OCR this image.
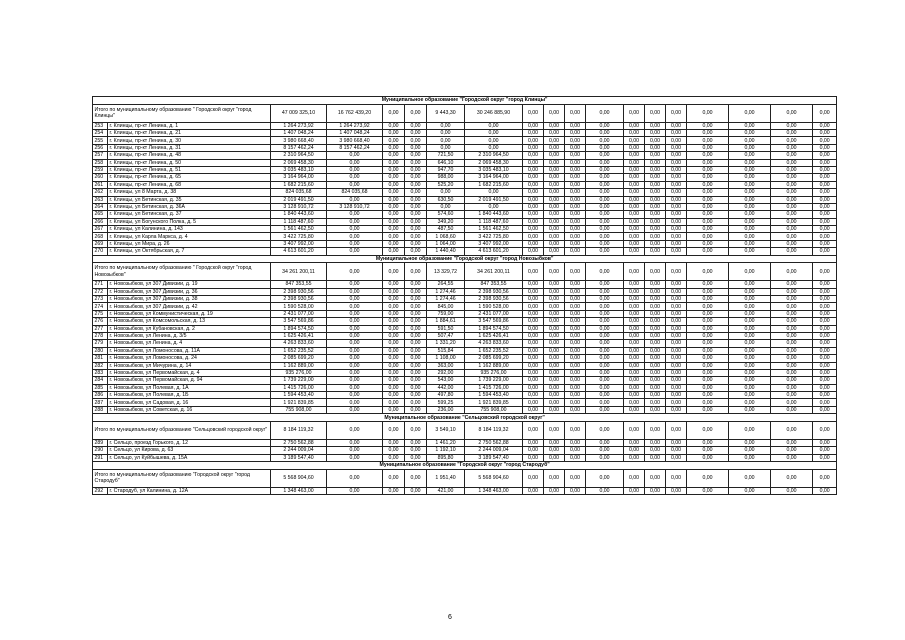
Муниципальное образование "Городской округ "город Клинцы"																		
Итого по муниципальному образованию " Городской округ "город Клинцы"		47 009 325,10	16 762 439,20	0,00	0,00	9 443,30	30 246 885,90	0,00	0,00	0,00	0,00	0,00	0,00	0,00	0,00	0,00	0,00	0,00
253	г. Клинцы, пр-кт Ленина, д. 1	1 264 273,92	1 264 273,92	0,00	0,00	0,00	0,00	0,00	0,00	0,00	0,00	0,00	0,00	0,00	0,00	0,00	0,00	0,00
254	г. Клинцы, пр-кт Ленина, д. 21	1 407 048,24	1 407 048,24	0,00	0,00	0,00	0,00	0,00	0,00	0,00	0,00	0,00	0,00	0,00	0,00	0,00	0,00	0,00
255	г. Клинцы, пр-кт Ленина, д. 30	3 980 668,40	3 980 668,40	0,00	0,00	0,00	0,00	0,00	0,00	0,00	0,00	0,00	0,00	0,00	0,00	0,00	0,00	0,00
256	г. Клинцы, пр-кт Ленина, д. 31	8 157 462,24	8 157 462,24	0,00	0,00	0,00	0,00	0,00	0,00	0,00	0,00	0,00	0,00	0,00	0,00	0,00	0,00	0,00
257	г. Клинцы, пр-кт Ленина, д. 48	2 310 964,50	0,00	0,00	0,00	721,50	2 310 964,50	0,00	0,00	0,00	0,00	0,00	0,00	0,00	0,00	0,00	0,00	0,00
258	г. Клинцы, пр-кт Ленина, д. 50	2 069 458,30	0,00	0,00	0,00	646,10	2 069 458,30	0,00	0,00	0,00	0,00	0,00	0,00	0,00	0,00	0,00	0,00	0,00
259	г. Клинцы, пр-кт Ленина, д. 51	3 035 483,10	0,00	0,00	0,00	947,70	3 035 483,10	0,00	0,00	0,00	0,00	0,00	0,00	0,00	0,00	0,00	0,00	0,00
260	г. Клинцы, пр-кт Ленина, д. 65	3 164 964,00	0,00	0,00	0,00	988,00	3 164 964,00	0,00	0,00	0,00	0,00	0,00	0,00	0,00	0,00	0,00	0,00	0,00
261	г. Клинцы, пр-кт Ленина, д. 68	1 682 215,60	0,00	0,00	0,00	525,20	1 682 215,60	0,00	0,00	0,00	0,00	0,00	0,00	0,00	0,00	0,00	0,00	0,00
262	г. Клинцы, ул 8 Марта, д. 38	824 035,68	824 035,68	0,00	0,00	0,00	0,00	0,00	0,00	0,00	0,00	0,00	0,00	0,00	0,00	0,00	0,00	0,00
263	г. Клинцы, ул Бетинская, д. 35	2 019 491,50	0,00	0,00	0,00	630,50	2 019 491,50	0,00	0,00	0,00	0,00	0,00	0,00	0,00	0,00	0,00	0,00	0,00
264	г. Клинцы, ул Бетинская, д. 36А	3 128 910,72	3 128 910,72	0,00	0,00	0,00	0,00	0,00	0,00	0,00	0,00	0,00	0,00	0,00	0,00	0,00	0,00	0,00
265	г. Клинцы, ул Бетинская, д. 37	1 840 443,60	0,00	0,00	0,00	574,60	1 840 443,60	0,00	0,00	0,00	0,00	0,00	0,00	0,00	0,00	0,00	0,00	0,00
266	г. Клинцы, ул Богунского Полка, д. 5	1 118 487,60	0,00	0,00	0,00	349,20	1 118 487,60	0,00	0,00	0,00	0,00	0,00	0,00	0,00	0,00	0,00	0,00	0,00
267	г. Клинцы, ул Калинина, д. 143	1 561 462,50	0,00	0,00	0,00	487,50	1 561 462,50	0,00	0,00	0,00	0,00	0,00	0,00	0,00	0,00	0,00	0,00	0,00
268	г. Клинцы, ул Карла Маркса, д. 4	3 422 725,80	0,00	0,00	0,00	1 068,60	3 422 725,80	0,00	0,00	0,00	0,00	0,00	0,00	0,00	0,00	0,00	0,00	0,00
269	г. Клинцы, ул Мира, д. 26	3 407 992,00	0,00	0,00	0,00	1 064,00	3 407 992,00	0,00	0,00	0,00	0,00	0,00	0,00	0,00	0,00	0,00	0,00	0,00
270	г. Клинцы, ул Октябрьская, д. 7	4 613 601,20	0,00	0,00	0,00	1 440,40	4 613 601,20	0,00	0,00	0,00	0,00	0,00	0,00	0,00	0,00	0,00	0,00	0,00
Муниципальное образование "Городской округ "город Новозыбков"																		
Итого по муниципальному образованию " Городской округ "город Новозыбков"		34 261 200,11	0,00	0,00	0,00	13 329,72	34 261 200,11	0,00	0,00	0,00	0,00	0,00	0,00	0,00	0,00	0,00	0,00	0,00
271	г. Новозыбков, ул 307 Дивизии, д. 19	847 353,55	0,00	0,00	0,00	264,55	847 353,55	0,00	0,00	0,00	0,00	0,00	0,00	0,00	0,00	0,00	0,00	0,00
272	г. Новозыбков, ул 307 Дивизии, д. 36	2 398 930,56	0,00	0,00	0,00	1 274,46	2 398 930,56	0,00	0,00	0,00	0,00	0,00	0,00	0,00	0,00	0,00	0,00	0,00
273	г. Новозыбков, ул 307 Дивизии, д. 38	2 398 930,56	0,00	0,00	0,00	1 274,46	2 398 930,56	0,00	0,00	0,00	0,00	0,00	0,00	0,00	0,00	0,00	0,00	0,00
274	г. Новозыбков, ул 307 Дивизии, д. 42	1 590 528,00	0,00	0,00	0,00	845,00	1 590 528,00	0,00	0,00	0,00	0,00	0,00	0,00	0,00	0,00	0,00	0,00	0,00
275	г. Новозыбков, ул Коммунистическая, д. 19	2 431 077,00	0,00	0,00	0,00	759,00	2 431 077,00	0,00	0,00	0,00	0,00	0,00	0,00	0,00	0,00	0,00	0,00	0,00
276	г. Новозыбков, ул Комсомольская, д. 13	3 547 569,86	0,00	0,00	0,00	1 884,61	3 547 569,86	0,00	0,00	0,00	0,00	0,00	0,00	0,00	0,00	0,00	0,00	0,00
277	г. Новозыбков, ул Кубановская, д. 2	1 894 574,50	0,00	0,00	0,00	591,50	1 894 574,50	0,00	0,00	0,00	0,00	0,00	0,00	0,00	0,00	0,00	0,00	0,00
278	г. Новозыбков, ул Ленина, д. 3/5	1 625 426,41	0,00	0,00	0,00	507,47	1 625 426,41	0,00	0,00	0,00	0,00	0,00	0,00	0,00	0,00	0,00	0,00	0,00
279	г. Новозыбков, ул Ленина, д. 4	4 263 833,60	0,00	0,00	0,00	1 331,20	4 263 833,60	0,00	0,00	0,00	0,00	0,00	0,00	0,00	0,00	0,00	0,00	0,00
280	г. Новозыбков, ул Ломоносова, д. 11А	1 652 235,52	0,00	0,00	0,00	515,84	1 652 235,52	0,00	0,00	0,00	0,00	0,00	0,00	0,00	0,00	0,00	0,00	0,00
281	г. Новозыбков, ул Ломоносова, д. 24	2 085 699,20	0,00	0,00	0,00	1 108,00	2 085 699,20	0,00	0,00	0,00	0,00	0,00	0,00	0,00	0,00	0,00	0,00	0,00
282	г. Новозыбков, ул Мичурина, д. 14	1 162 889,00	0,00	0,00	0,00	363,00	1 162 889,00	0,00	0,00	0,00	0,00	0,00	0,00	0,00	0,00	0,00	0,00	0,00
283	г. Новозыбков, ул Первомайская, д. 4	935 276,00	0,00	0,00	0,00	292,00	935 276,00	0,00	0,00	0,00	0,00	0,00	0,00	0,00	0,00	0,00	0,00	0,00
284	г. Новозыбков, ул Первомайская, д. 94	1 739 229,00	0,00	0,00	0,00	543,00	1 739 229,00	0,00	0,00	0,00	0,00	0,00	0,00	0,00	0,00	0,00	0,00	0,00
285	г. Новозыбков, ул Полевая, д. 1А	1 415 726,00	0,00	0,00	0,00	442,00	1 415 726,00	0,00	0,00	0,00	0,00	0,00	0,00	0,00	0,00	0,00	0,00	0,00
286	г. Новозыбков, ул Полевая, д. 1Б	1 594 453,40	0,00	0,00	0,00	497,80	1 594 453,40	0,00	0,00	0,00	0,00	0,00	0,00	0,00	0,00	0,00	0,00	0,00
287	г. Новозыбков, ул Садовая, д. 16	1 921 839,85	0,00	0,00	0,00	599,25	1 921 839,85	0,00	0,00	0,00	0,00	0,00	0,00	0,00	0,00	0,00	0,00	0,00
288	г. Новозыбков, ул Советская, д. 16	755 908,00	0,00	0,00	0,00	236,00	755 908,00	0,00	0,00	0,00	0,00	0,00	0,00	0,00	0,00	0,00	0,00	0,00
Муниципальное образование "Сельцовский городской округ"																		
Итого по муниципальному образованию "Сельцовский городской округ"		8 184 119,32	0,00	0,00	0,00	3 549,10	8 184 119,32	0,00	0,00	0,00	0,00	0,00	0,00	0,00	0,00	0,00	0,00	0,00
289	г. Сельцо, проезд Горького, д. 12	2 750 562,88	0,00	0,00	0,00	1 461,20	2 750 562,88	0,00	0,00	0,00	0,00	0,00	0,00	0,00	0,00	0,00	0,00	0,00
290	г. Сельцо, ул Кирова, д. 63	2 244 009,04	0,00	0,00	0,00	1 192,10	2 244 009,04	0,00	0,00	0,00	0,00	0,00	0,00	0,00	0,00	0,00	0,00	0,00
291	г. Сельцо, ул Куйбышева, д. 15А	3 189 547,40	0,00	0,00	0,00	895,80	3 189 547,40	0,00	0,00	0,00	0,00	0,00	0,00	0,00	0,00	0,00	0,00	0,00
Муниципальное образование "Городской округ "город Стародуб"																		
Итого по муниципальному образованию "Городской округ "город Стародуб"		5 568 904,60	0,00	0,00	0,00	1 951,40	5 568 904,60	0,00	0,00	0,00	0,00	0,00	0,00	0,00	0,00	0,00	0,00	0,00
292	г. Стародуб, ул Калинина, д. 12А	1 348 463,00	0,00	0,00	0,00	421,00	1 348 463,00	0,00	0,00	0,00	0,00	0,00	0,00	0,00	0,00	0,00	0,00	0,00
6
